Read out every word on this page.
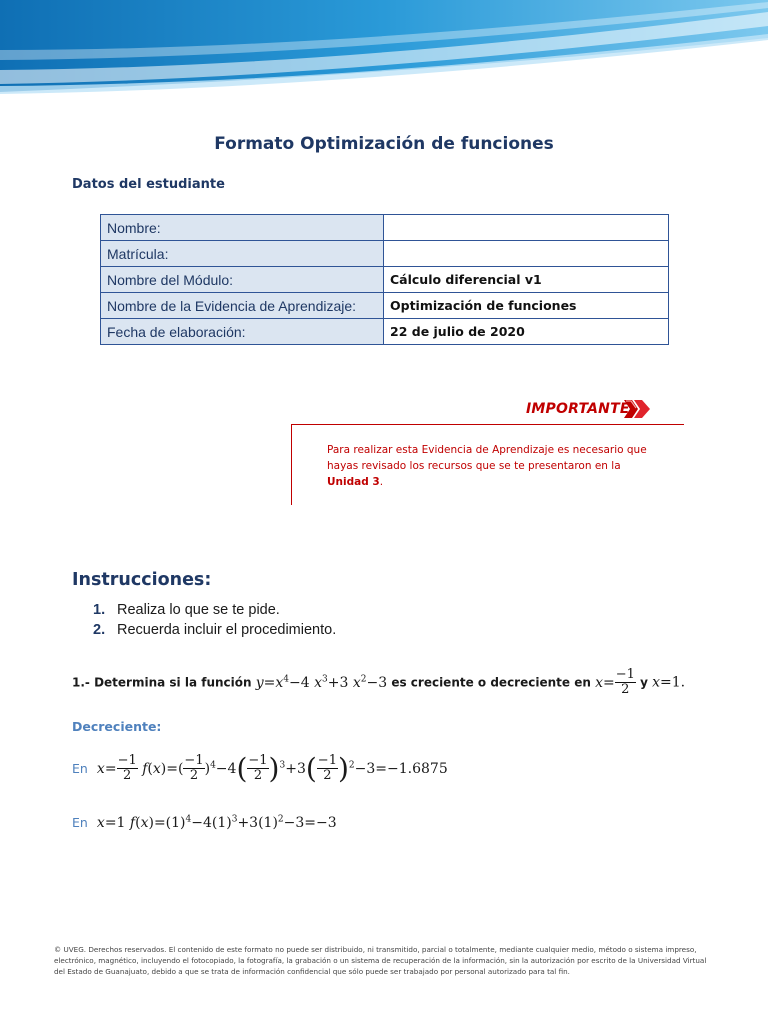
Formato Optimización de funciones
Datos del estudiante
Nombre:	
Matrícula:	
Nombre del Módulo:	Cálculo diferencial v1
Nombre de la Evidencia de Aprendizaje:	Optimización de funciones
Fecha de elaboración:	22 de julio de 2020
IMPORTANTE
Para realizar esta Evidencia de Aprendizaje es necesario que hayas revisado los recursos que se te presentaron en la Unidad 3.
Instrucciones:
1. Realiza lo que se te pide.
2. Recuerda incluir el procedimiento.
1.- Determina si la función $y=x^4-4$ $x^3+3$ $x^2-3$ es creciente o decreciente en $x= \frac{-1}{2}$ y x=1.
Decreciente:
En $x= \frac{-1}{2} f(x)=( \frac{-1}{2} )^4-4( \frac{-1}{2} )^3+3( \frac{-1}{2} )^2-3=-1.6875$
En x=1 $f(x)=(1)^4-4(1)^3+3(1)^2-3=-3$
© UVEG. Derechos reservados. El contenido de este formato no puede ser distribuido, ni transmitido, parcial o totalmente, mediante cualquier medio, método o sistema impreso, electrónico, magnético, incluyendo el fotocopiado, la fotografía, la grabación o un sistema de recuperación de la información, sin la autorización por escrito de la Universidad Virtual del Estado de Guanajuato, debido a que se trata de información confidencial que sólo puede ser trabajado por personal autorizado para tal fin.
